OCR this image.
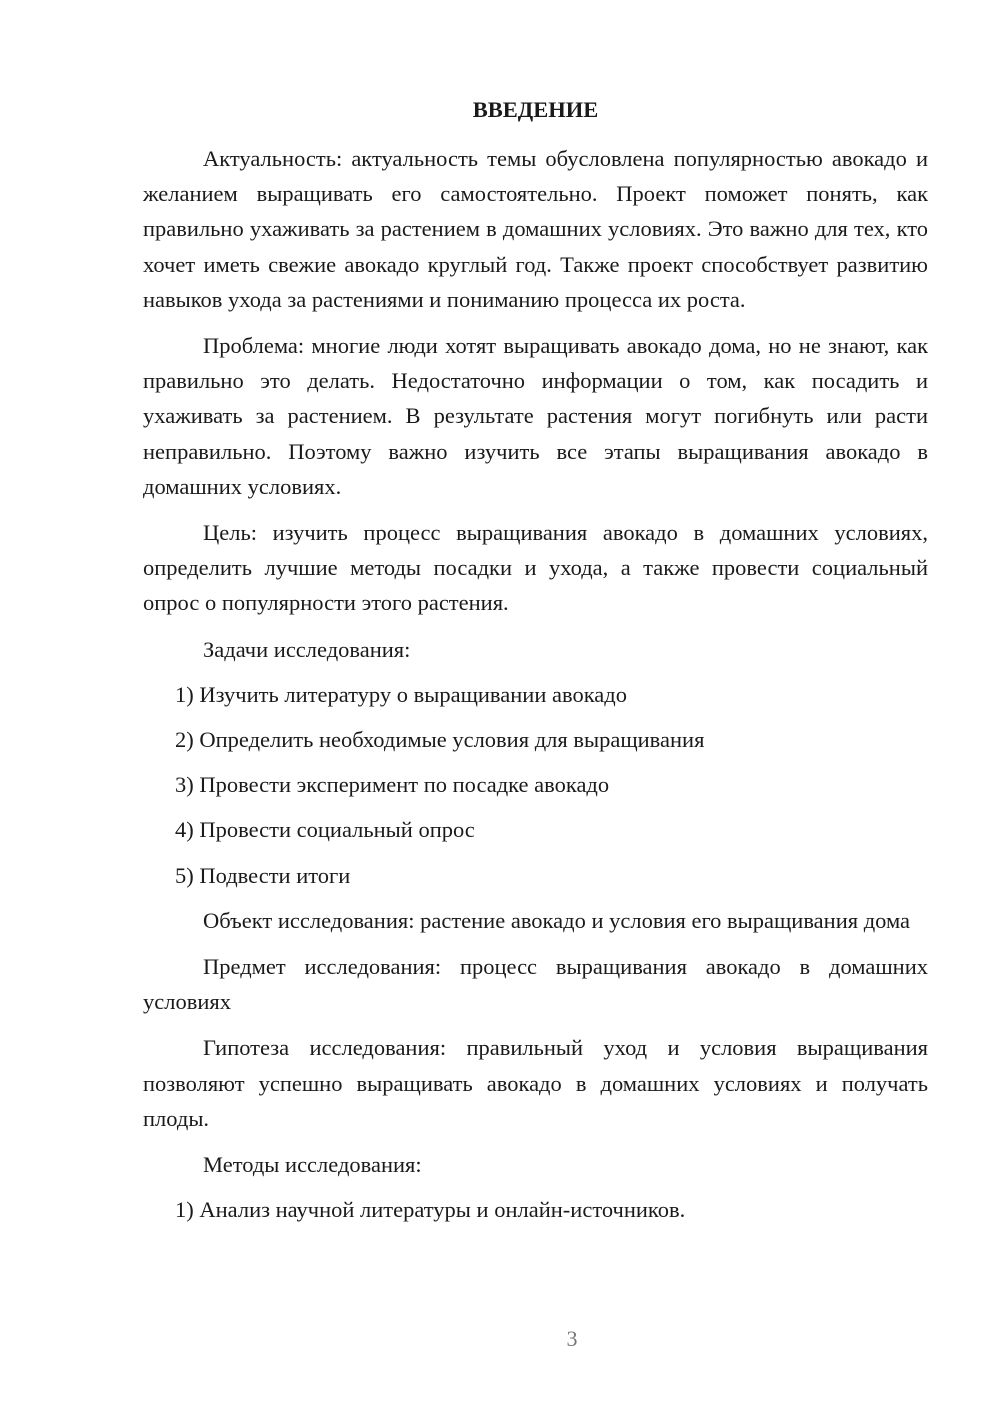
ВВЕДЕНИЕ

Актуальность: актуальность темы обусловлена популярностью авокадо и желанием выращивать его самостоятельно. Проект поможет понять, как правильно ухаживать за растением в домашних условиях. Это важно для тех, кто хочет иметь свежие авокадо круглый год. Также проект способствует развитию навыков ухода за растениями и пониманию процесса их роста.

Проблема: многие люди хотят выращивать авокадо дома, но не знают, как правильно это делать. Недостаточно информации о том, как посадить и ухаживать за растением. В результате растения могут погибнуть или расти неправильно. Поэтому важно изучить все этапы выращивания авокадо в домашних условиях.

Цель: изучить процесс выращивания авокадо в домашних условиях, определить лучшие методы посадки и ухода, а также провести социальный опрос о популярности этого растения.

Задачи исследования:

1) Изучить литературу о выращивании авокадо
2) Определить необходимые условия для выращивания
3) Провести эксперимент по посадке авокадо
4) Провести социальный опрос
5) Подвести итоги

Объект исследования: растение авокадо и условия его выращивания дома

Предмет исследования: процесс выращивания авокадо в домашних условиях

Гипотеза исследования: правильный уход и условия выращивания позволяют успешно выращивать авокадо в домашних условиях и получать плоды.

Методы исследования:

1) Анализ научной литературы и онлайн-источников.
3
